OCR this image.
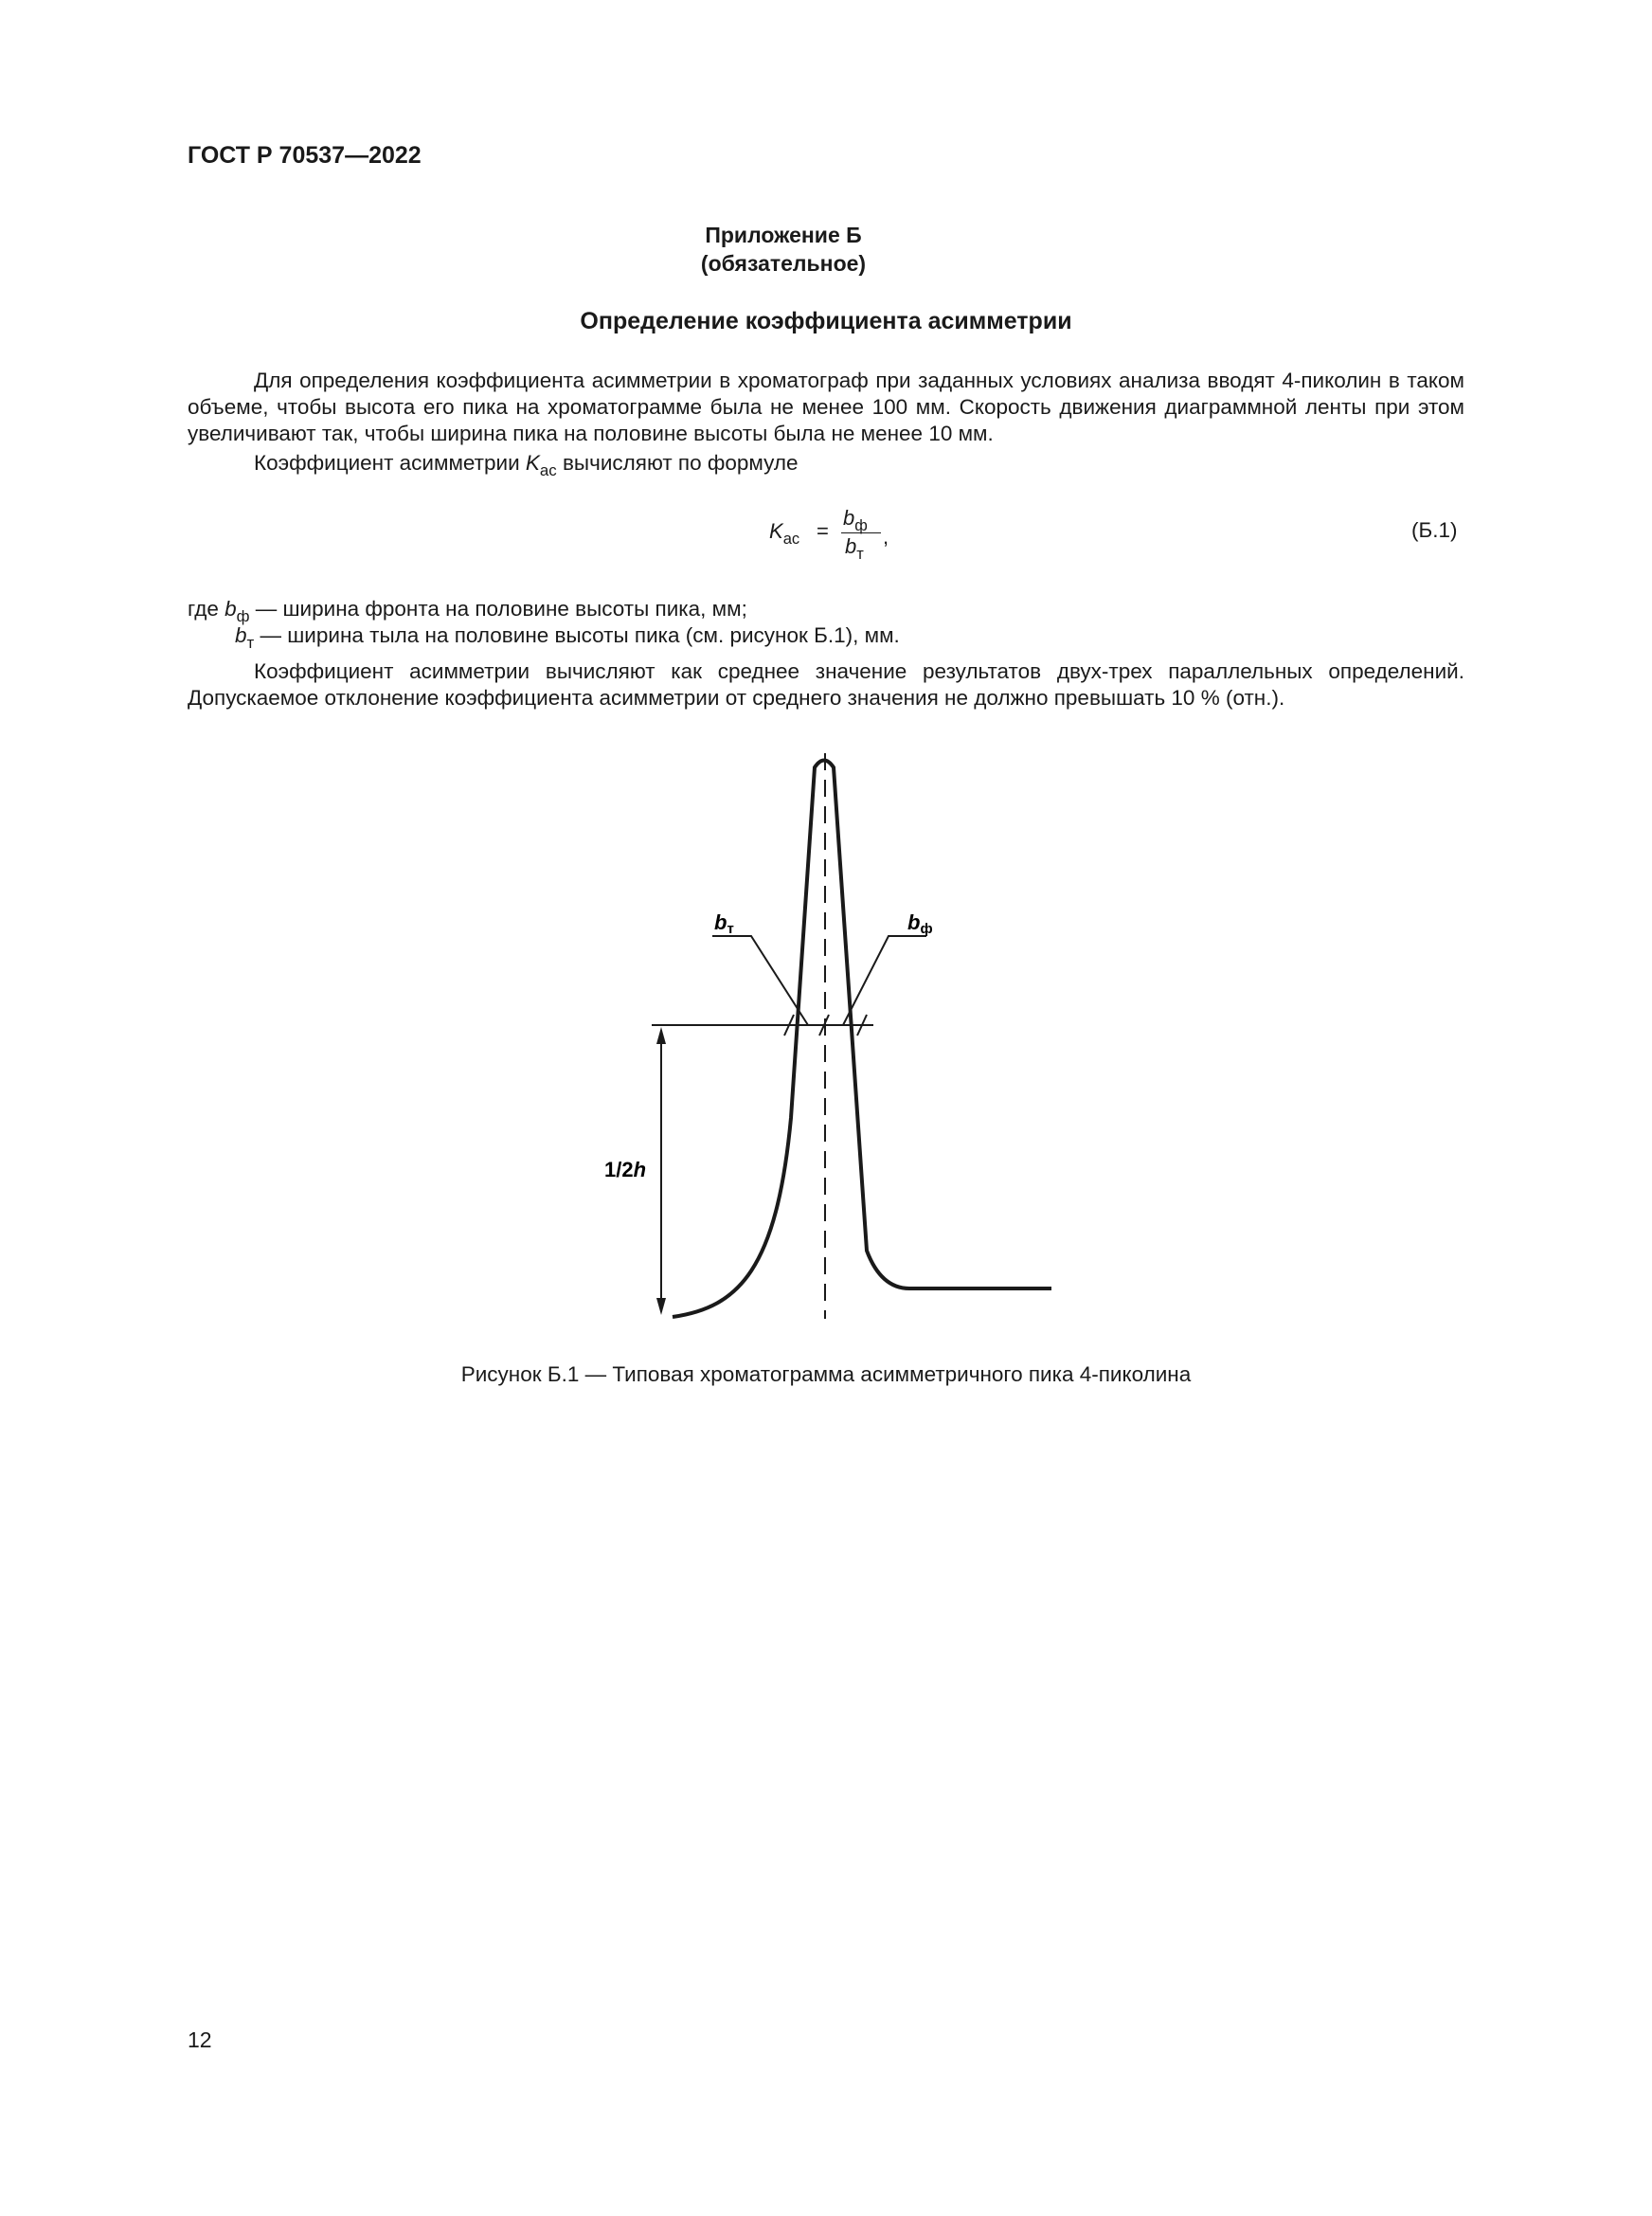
ГОСТ Р 70537—2022
Приложение Б
(обязательное)
Определение коэффициента асимметрии
Для определения коэффициента асимметрии в хроматограф при заданных условиях анализа вводят 4-пиколин в таком объеме, чтобы высота его пика на хроматограмме была не менее 100 мм. Скорость движения диаграммной ленты при этом увеличивают так, чтобы ширина пика на половине высоты была не менее 10 мм.
Коэффициент асимметрии $K_{ас}$ вычисляют по формуле
$K_{ас}$ =
$b_ф$
$b_т$
,	(Б.1)
где $b_ф$ — ширина фронта на половине высоты пика, мм;
$b_т$ — ширина тыла на половине высоты пика (см. рисунок Б.1), мм.
Коэффициент асимметрии вычисляют как среднее значение результатов двух-трех параллельных определений. Допускаемое отклонение коэффициента асимметрии от среднего значения не должно превышать 10 % (отн.).
bт	bф
1/2h
Рисунок Б.1 — Типовая хроматограмма асимметричного пика 4-пиколина
12
